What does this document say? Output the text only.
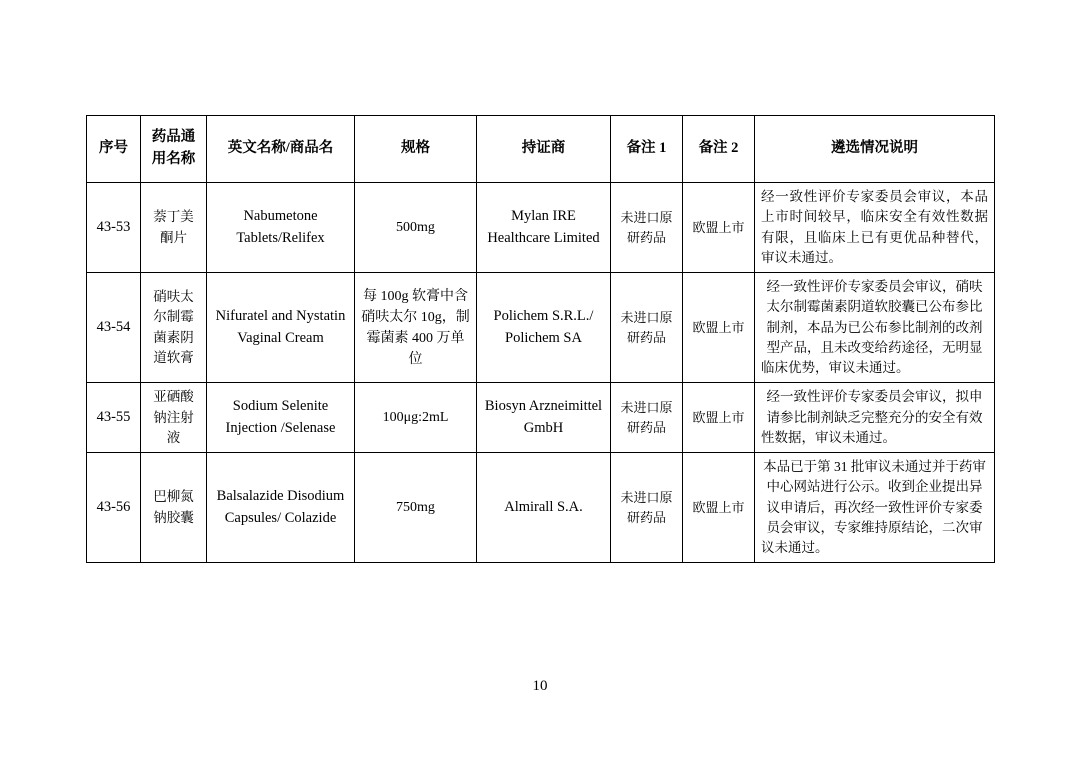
序号	药品通用名称	英文名称/商品名	规格	持证商	备注 1	备注 2	遴选情况说明
43-53	萘丁美酮片	Nabumetone Tablets/Relifex	500mg	Mylan IRE Healthcare Limited	未进口原研药品	欧盟上市	经一致性评价专家委员会审议，本品上市时间较早，临床安全有效性数据有限，且临床上已有更优品种替代，审议未通过。
43-54	硝呋太尔制霉菌素阴道软膏	Nifuratel and Nystatin Vaginal Cream	每 100g 软膏中含硝呋太尔 10g，制霉菌素 400 万单位	Polichem S.R.L./ Polichem SA	未进口原研药品	欧盟上市	经一致性评价专家委员会审议，硝呋太尔制霉菌素阴道软胶囊已公布参比制剂，本品为已公布参比制剂的改剂型产品，且未改变给药途径，无明显临床优势，审议未通过。
43-55	亚硒酸钠注射液	Sodium Selenite Injection /Selenase	100μg:2mL	Biosyn Arzneimittel GmbH	未进口原研药品	欧盟上市	经一致性评价专家委员会审议，拟申请参比制剂缺乏完整充分的安全有效性数据，审议未通过。
43-56	巴柳氮钠胶囊	Balsalazide Disodium Capsules/ Colazide	750mg	Almirall S.A.	未进口原研药品	欧盟上市	本品已于第 31 批审议未通过并于药审中心网站进行公示。收到企业提出异议申请后，再次经一致性评价专家委员会审议，专家维持原结论，二次审议未通过。
10
